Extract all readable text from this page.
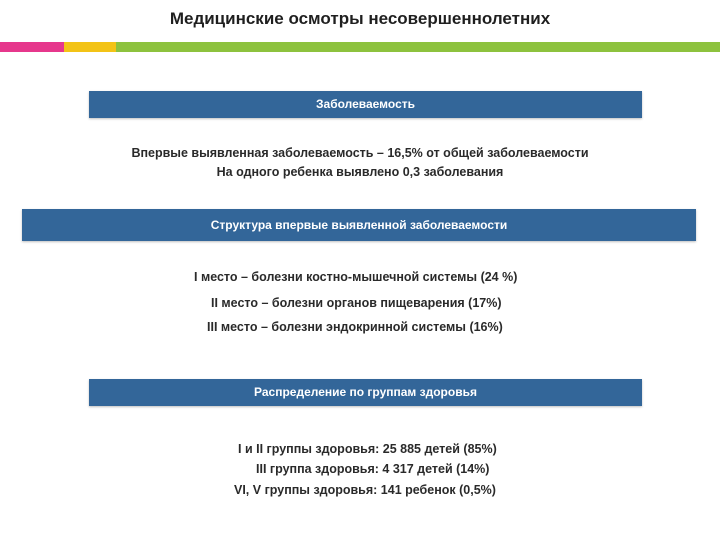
Медицинские осмотры несовершеннолетних
Заболеваемость
Впервые выявленная заболеваемость – 16,5% от общей заболеваемости
На одного ребенка выявлено 0,3 заболевания
Структура впервые выявленной заболеваемости
I место – болезни костно-мышечной системы (24 %)
II место – болезни органов пищеварения (17%)
III место – болезни эндокринной системы (16%)
Распределение по группам здоровья
I и II группы здоровья: 25 885 детей (85%)
III группа здоровья: 4 317 детей (14%)
VI, V группы здоровья: 141 ребенок (0,5%)
